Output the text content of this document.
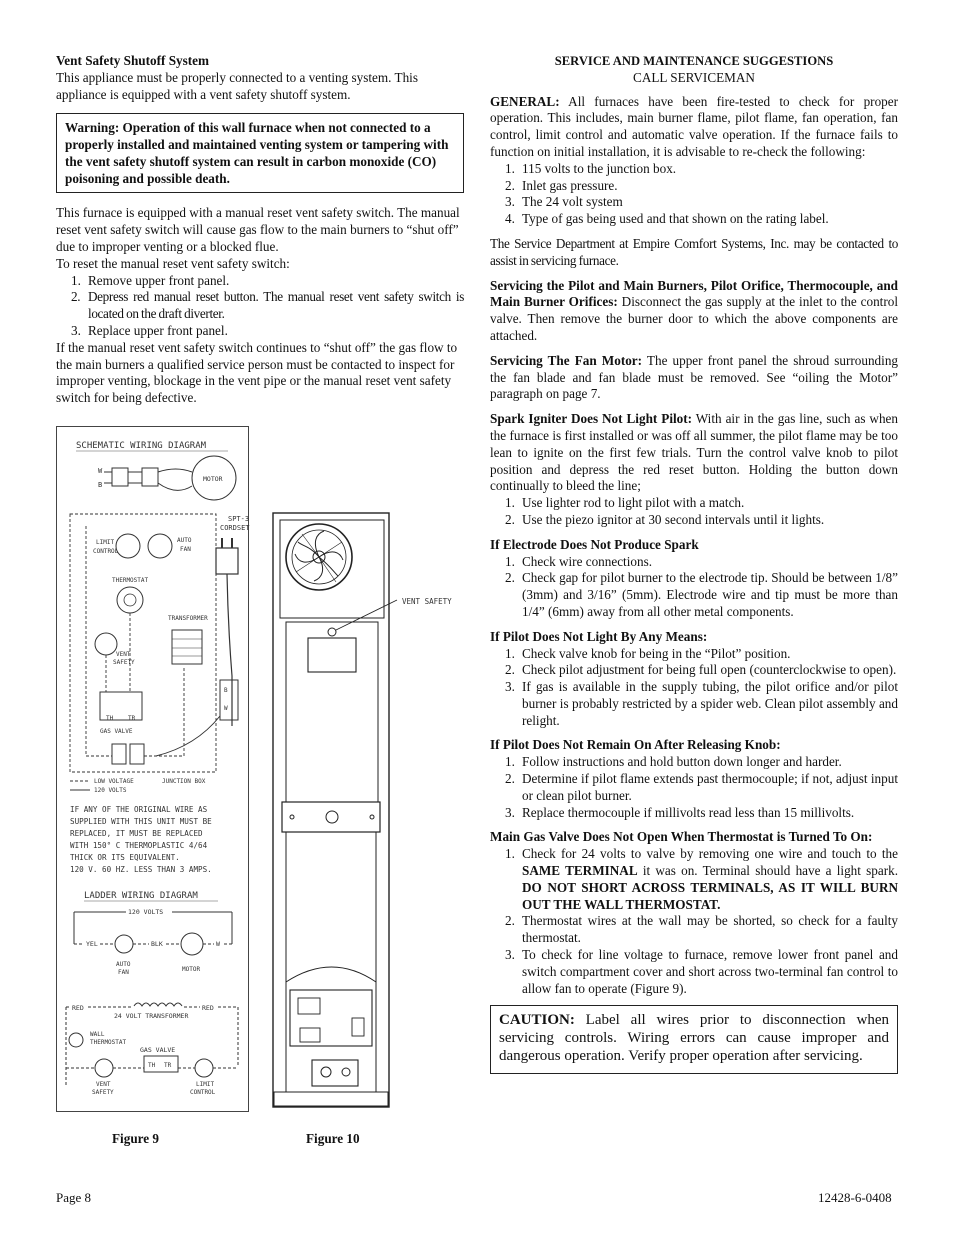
Vent Safety Shutoff System

This appliance must be properly connected to a venting system. This appliance is equipped with a vent safety shutoff system.

Warning: Operation of this wall furnace when not connected to a properly installed and maintained venting system or tampering with the vent safety shutoff system can result in carbon monoxide (CO) poisoning and possible death.

This furnace is equipped with a manual reset vent safety switch. The manual reset vent safety switch will cause gas flow to the main burners to “shut off” due to improper venting or a blocked flue.

To reset the manual reset vent safety switch:

1. Remove upper front panel.
2. Depress red manual reset button. The manual reset vent safety switch is located on the draft diverter.
3. Replace upper front panel.

If the manual reset vent safety switch continues to “shut off” the gas flow to the main burners a qualified service person must be contacted to inspect for improper venting, blockage in the vent pipe or the manual reset vent safety switch for being defective.

SCHEMATIC WIRING DIAGRAM
MOTOR
W
B
SPT-3
CORDSET
LIMIT
CONTROL
AUTO
FAN
THERMOSTAT
TRANSFORMER
VENT
SAFETY
TH TR
GAS VALVE
B
W
LOW VOLTAGE
120 VOLTS
JUNCTION BOX
IF ANY OF THE ORIGINAL WIRE AS
SUPPLIED WITH THIS UNIT MUST BE
REPLACED, IT MUST BE REPLACED
WITH 150° C THERMOPLASTIC 4/64
THICK OR ITS EQUIVALENT.
120 V. 60 HZ. LESS THAN 3 AMPS.
LADDER WIRING DIAGRAM
120 VOLTS
YEL
AUTO
FAN
BLK
MOTOR
W
RED	RED
24 VOLT TRANSFORMER
WALL
THERMOSTAT
GAS VALVE
TH TR
VENT
SAFETY
LIMIT
CONTROL
VENT SAFETY
Figure 9	Figure 10

SERVICE AND MAINTENANCE SUGGESTIONS

CALL SERVICEMAN

GENERAL: All furnaces have been fire-tested to check for proper operation. This includes, main burner flame, pilot flame, fan operation, fan control, limit control and automatic valve operation. If the furnace fails to function on initial installation, it is advisable to re-check the following:

1. 115 volts to the junction box.
2. Inlet gas pressure.
3. The 24 volt system
4. Type of gas being used and that shown on the rating label.

The Service Department at Empire Comfort Systems, Inc. may be contacted to assist in servicing furnace.

Servicing the Pilot and Main Burners, Pilot Orifice, Thermocouple, and Main Burner Orifices: Disconnect the gas supply at the inlet to the control valve. Then remove the burner door to which the above components are attached.

Servicing The Fan Motor: The upper front panel the shroud surrounding the fan blade and fan blade must be removed. See “oiling the Motor” paragraph on page 7.

Spark Igniter Does Not Light Pilot: With air in the gas line, such as when the furnace is first installed or was off all summer, the pilot flame may be too lean to ignite on the first few trials. Turn the control valve knob to pilot position and depress the red reset button. Holding the button down continually to bleed the line;

1. Use lighter rod to light pilot with a match.
2. Use the piezo ignitor at 30 second intervals until it lights.

If Electrode Does Not Produce Spark

1. Check wire connections.
2. Check gap for pilot burner to the electrode tip. Should be between 1/8” (3mm) and 3/16” (5mm). Electrode wire and tip must be more than 1/4” (6mm) away from all other metal components.

If Pilot Does Not Light By Any Means:

1. Check valve knob for being in the “Pilot” position.
2. Check pilot adjustment for being full open (counterclockwise to open).
3. If gas is available in the supply tubing, the pilot orifice and/or pilot burner is probably restricted by a spider web. Clean pilot assembly and relight.

If Pilot Does Not Remain On After Releasing Knob:

1. Follow instructions and hold button down longer and harder.
2. Determine if pilot flame extends past thermocouple; if not, adjust input or clean pilot burner.
3. Replace thermocouple if millivolts read less than 15 millivolts.

Main Gas Valve Does Not Open When Thermostat is Turned To On:

1. Check for 24 volts to valve by removing one wire and touch to the SAME TERMINAL it was on. Terminal should have a light spark. DO NOT SHORT ACROSS TERMINALS, AS IT WILL BURN OUT THE WALL THERMOSTAT.
2. Thermostat wires at the wall may be shorted, so check for a faulty thermostat.
3. To check for line voltage to furnace, remove lower front panel and switch compartment cover and short across two-terminal fan control to allow fan to operate (Figure 9).
CAUTION: Label all wires prior to disconnection when servicing controls. Wiring errors can cause improper and dangerous operation. Verify proper operation after servicing.
Page 8	12428-6-0408
